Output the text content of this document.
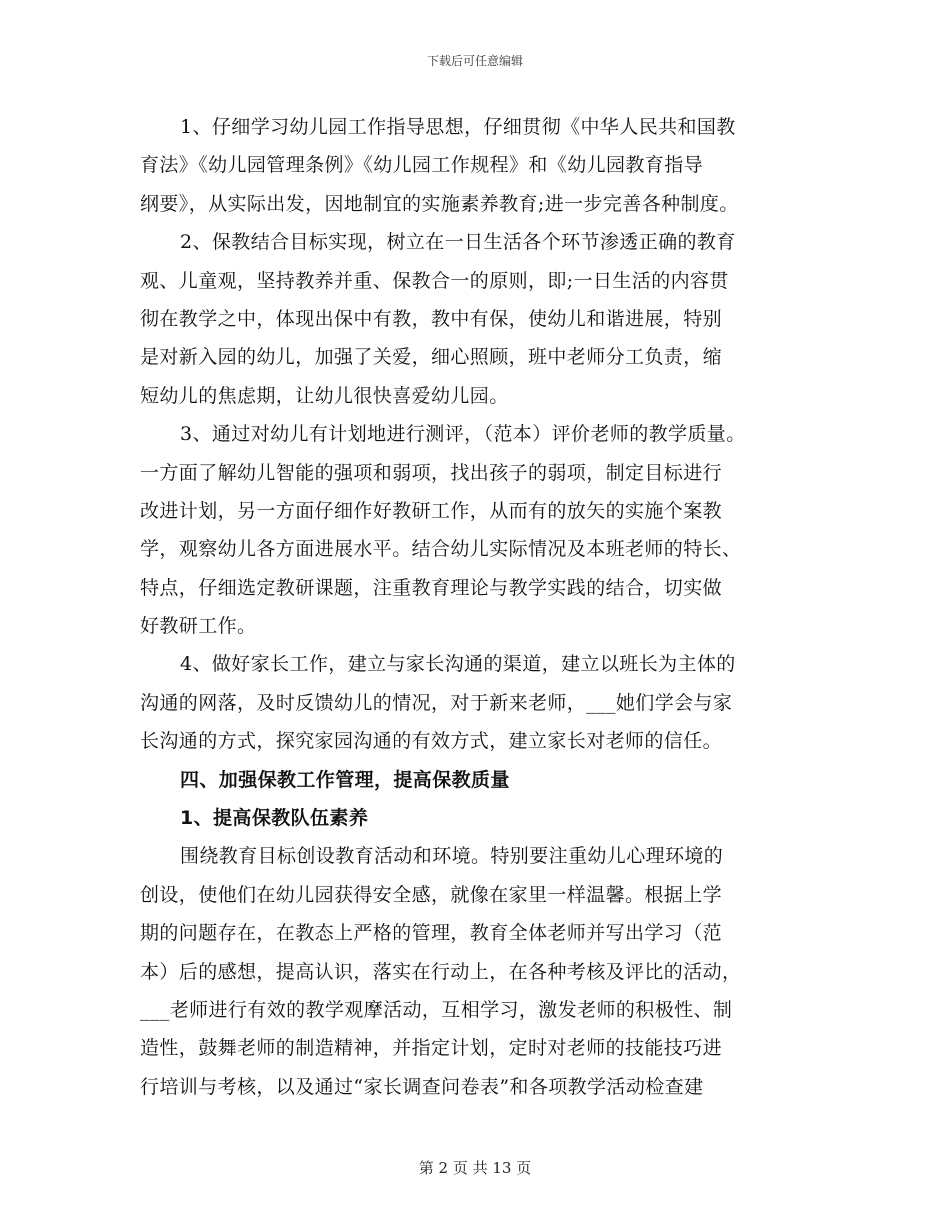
下载后可任意编辑
1、仔细学习幼儿园工作指导思想，仔细贯彻《中华人民共和国教
育法》《幼儿园管理条例》《幼儿园工作规程》和《幼儿园教育指导
纲要》，从实际出发，因地制宜的实施素养教育;进一步完善各种制度。
2、保教结合目标实现，树立在一日生活各个环节渗透正确的教育
观、儿童观，坚持教养并重、保教合一的原则，即;一日生活的内容贯
彻在教学之中，体现出保中有教，教中有保，使幼儿和谐进展，特别
是对新入园的幼儿，加强了关爱，细心照顾，班中老师分工负责，缩
短幼儿的焦虑期，让幼儿很快喜爱幼儿园。
3、通过对幼儿有计划地进行测评，（范本）评价老师的教学质量。
一方面了解幼儿智能的强项和弱项，找出孩子的弱项，制定目标进行
改进计划，另一方面仔细作好教研工作，从而有的放矢的实施个案教
学，观察幼儿各方面进展水平。结合幼儿实际情况及本班老师的特长、
特点，仔细选定教研课题，注重教育理论与教学实践的结合，切实做
好教研工作。
4、做好家长工作，建立与家长沟通的渠道，建立以班长为主体的
沟通的网落，及时反馈幼儿的情况，对于新来老师，___她们学会与家
长沟通的方式，探究家园沟通的有效方式，建立家长对老师的信任。
四、加强保教工作管理，提高保教质量
1、提高保教队伍素养
围绕教育目标创设教育活动和环境。特别要注重幼儿心理环境的
创设，使他们在幼儿园获得安全感，就像在家里一样温馨。根据上学
期的问题存在，在教态上严格的管理，教育全体老师并写出学习（范
本）后的感想，提高认识，落实在行动上，在各种考核及评比的活动，
___老师进行有效的教学观摩活动，互相学习，激发老师的积极性、制
造性，鼓舞老师的制造精神，并指定计划，定时对老师的技能技巧进
行培训与考核，以及通过“家长调查问卷表”和各项教学活动检查建
第 2 页 共 13 页
